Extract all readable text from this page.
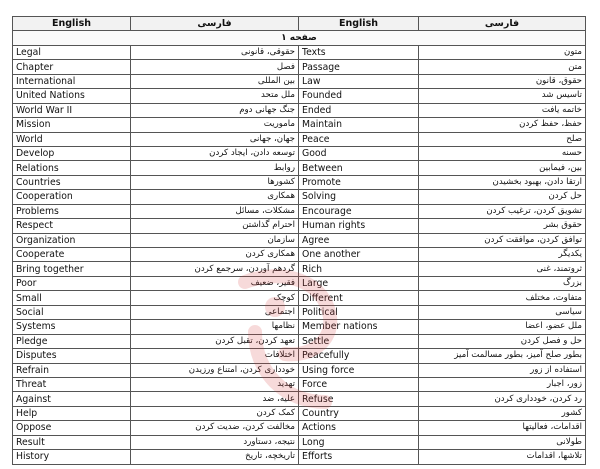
English	فارسی	English	فارسی
صفحه ۱			
Legal	حقوقی، قانونی	Texts	متون
Chapter	فصل	Passage	متن
International	بین المللی	Law	حقوق، قانون
United Nations	ملل متحد	Founded	تاسیس شد
World War II	جنگ جهانی دوم	Ended	خاتمه یافت
Mission	ماموریت	Maintain	حفظ، حفظ کردن
World	جهان، جهانی	Peace	صلح
Develop	توسعه دادن، ایجاد کردن	Good	حسنه
Relations	روابط	Between	بین، فیمابین
Countries	کشورها	Promote	ارتقا دادن، بهبود بخشیدن
Cooperation	همکاری	Solving	حل کردن
Problems	مشکلات، مسائل	Encourage	تشویق کردن، ترغیب کردن
Respect	احترام گذاشتن	Human rights	حقوق بشر
Organization	سازمان	Agree	توافق کردن، موافقت کردن
Cooperate	همکاری کردن	One another	یکدیگر
Bring together	گردهم آوردن، سرجمع کردن	Rich	ثروتمند، غنی
Poor	فقیر، ضعیف	Large	بزرگ
Small	کوچک	Different	متفاوت، مختلف
Social	اجتماعی	Political	سیاسی
Systems	نظامها	Member nations	ملل عضو، اعضا
Pledge	تعهد کردن، تقبل کردن	Settle	حل و فصل کردن
Disputes	اختلافات	Peacefully	بطور صلح آمیز، بطور مسالمت آمیز
Refrain	خودداری کردن، امتناع ورزیدن	Using force	استفاده از زور
Threat	تهدید	Force	زور، اجبار
Against	علیه، ضد	Refuse	رد کردن، خودداری کردن
Help	کمک کردن	Country	کشور
Oppose	مخالفت کردن، ضدیت کردن	Actions	اقدامات، فعالیتها
Result	نتیجه، دستاورد	Long	طولانی
History	تاریخچه، تاریخ	Efforts	تلاشها، اقدامات
